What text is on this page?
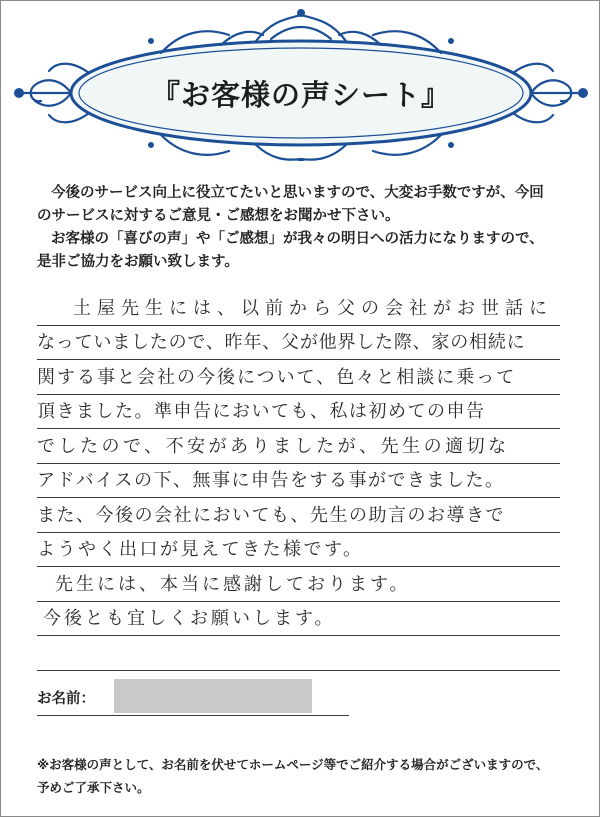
『お客様の声シート』

今後のサービス向上に役立てたいと思いますので、大変お手数ですが、今回

のサービスに対するご意見・ご感想をお聞かせ下さい。

お客様の「喜びの声」や「ご感想」が我々の明日への活力になりますので、

是非ご協力をお願い致します。

土屋先生には、以前から父の会社がお世話に
なっていましたので、昨年、父が他界した際、家の相続に
関する事と会社の今後について、色々と相談に乗って
頂きました。準申告においても、私は初めての申告
でしたので、不安がありましたが、先生の適切な
アドバイスの下、無事に申告をする事ができました。
また、今後の会社においても、先生の助言のお導きで
ようやく出口が見えてきた様です。
先生には、本当に感謝しております。
今後とも宜しくお願いします。
お名前：

※お客様の声として、お名前を伏せてホームページ等でご紹介する場合がございますので、

予めご了承下さい。
